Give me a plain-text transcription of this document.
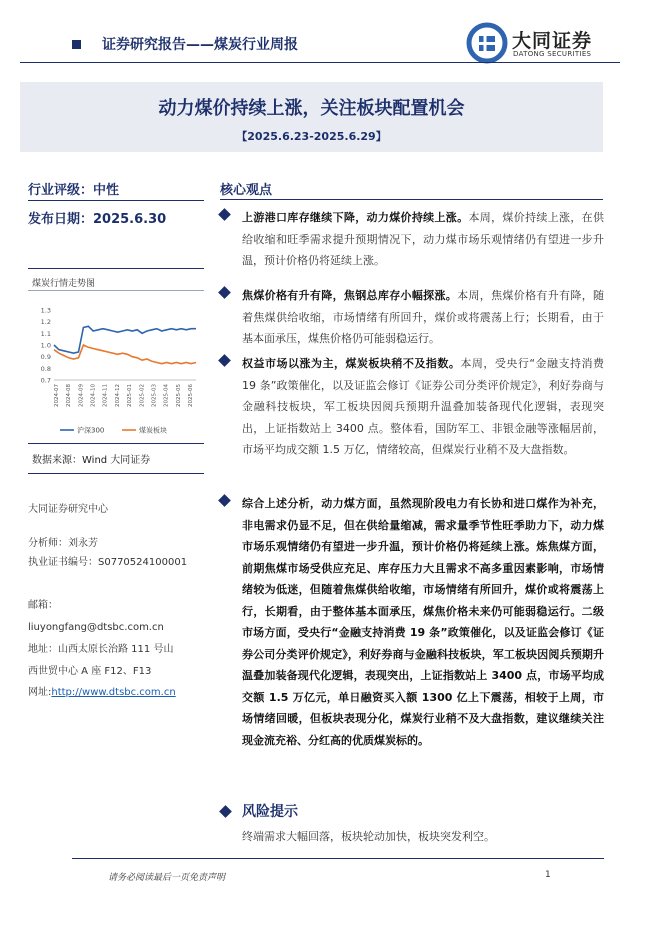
证券研究报告——煤炭行业周报	大同证券
DATONG SECURITIES
动力煤价持续上涨，关注板块配置机会
【2025.6.23-2025.6.29】
行业评级：中性
发布日期：2025.6.30
煤炭行情走势图
1.3
1.2
1.1
1.0
0.9
0.8
0.7
2024-07 2024-08 2024-09 2024-10 2024-11 2024-12 2025-01 2025-02 2025-03 2025-04 2025-05 2025-06
沪深300	煤炭板块
数据来源：Wind 大同证券
大同证券研究中心
分析师：刘永芳
执业证书编号：S0770524100001
邮箱：
liuyongfang@dtsbc.com.cn
地址：山西太原长治路 111 号山
西世贸中心 A 座 F12、F13
网址:http://www.dtsbc.com.cn
核心观点
上游港口库存继续下降，动力煤价持续上涨。本周，煤价持续上涨，在供给收缩和旺季需求提升预期情况下，动力煤市场乐观情绪仍有望进一步升温，预计价格仍将延续上涨。
焦煤价格有升有降，焦钢总库存小幅探涨。本周，焦煤价格有升有降，随着焦煤供给收缩，市场情绪有所回升，煤价或将震荡上行；长期看，由于基本面承压，煤焦价格仍可能弱稳运行。
权益市场以涨为主，煤炭板块稍不及指数。本周，受央行“金融支持消费 19 条”政策催化，以及证监会修订《证券公司分类评价规定》，利好券商与金融科技板块，军工板块因阅兵预期升温叠加装备现代化逻辑，表现突出，上证指数站上 3400 点。整体看，国防军工、非银金融等涨幅居前，市场平均成交额 1.5 万亿，情绪较高，但煤炭行业稍不及大盘指数。
综合上述分析，动力煤方面，虽然现阶段电力有长协和进口煤作为补充，非电需求仍显不足，但在供给量缩减，需求量季节性旺季助力下，动力煤市场乐观情绪仍有望进一步升温，预计价格仍将延续上涨。炼焦煤方面，前期焦煤市场受供应充足、库存压力大且需求不高多重因素影响，市场情绪较为低迷，但随着焦煤供给收缩，市场情绪有所回升，煤价或将震荡上行，长期看，由于整体基本面承压，煤焦价格未来仍可能弱稳运行。二级市场方面，受央行“金融支持消费 19 条”政策催化，以及证监会修订《证券公司分类评价规定》，利好券商与金融科技板块，军工板块因阅兵预期升温叠加装备现代化逻辑，表现突出，上证指数站上 3400 点，市场平均成交额 1.5 万亿元，单日融资买入额 1300 亿上下震荡，相较于上周，市场情绪回暖，但板块表现分化，煤炭行业稍不及大盘指数，建议继续关注现金流充裕、分红高的优质煤炭标的。
风险提示
终端需求大幅回落，板块轮动加快，板块突发利空。
请务必阅读最后一页免责声明	1
